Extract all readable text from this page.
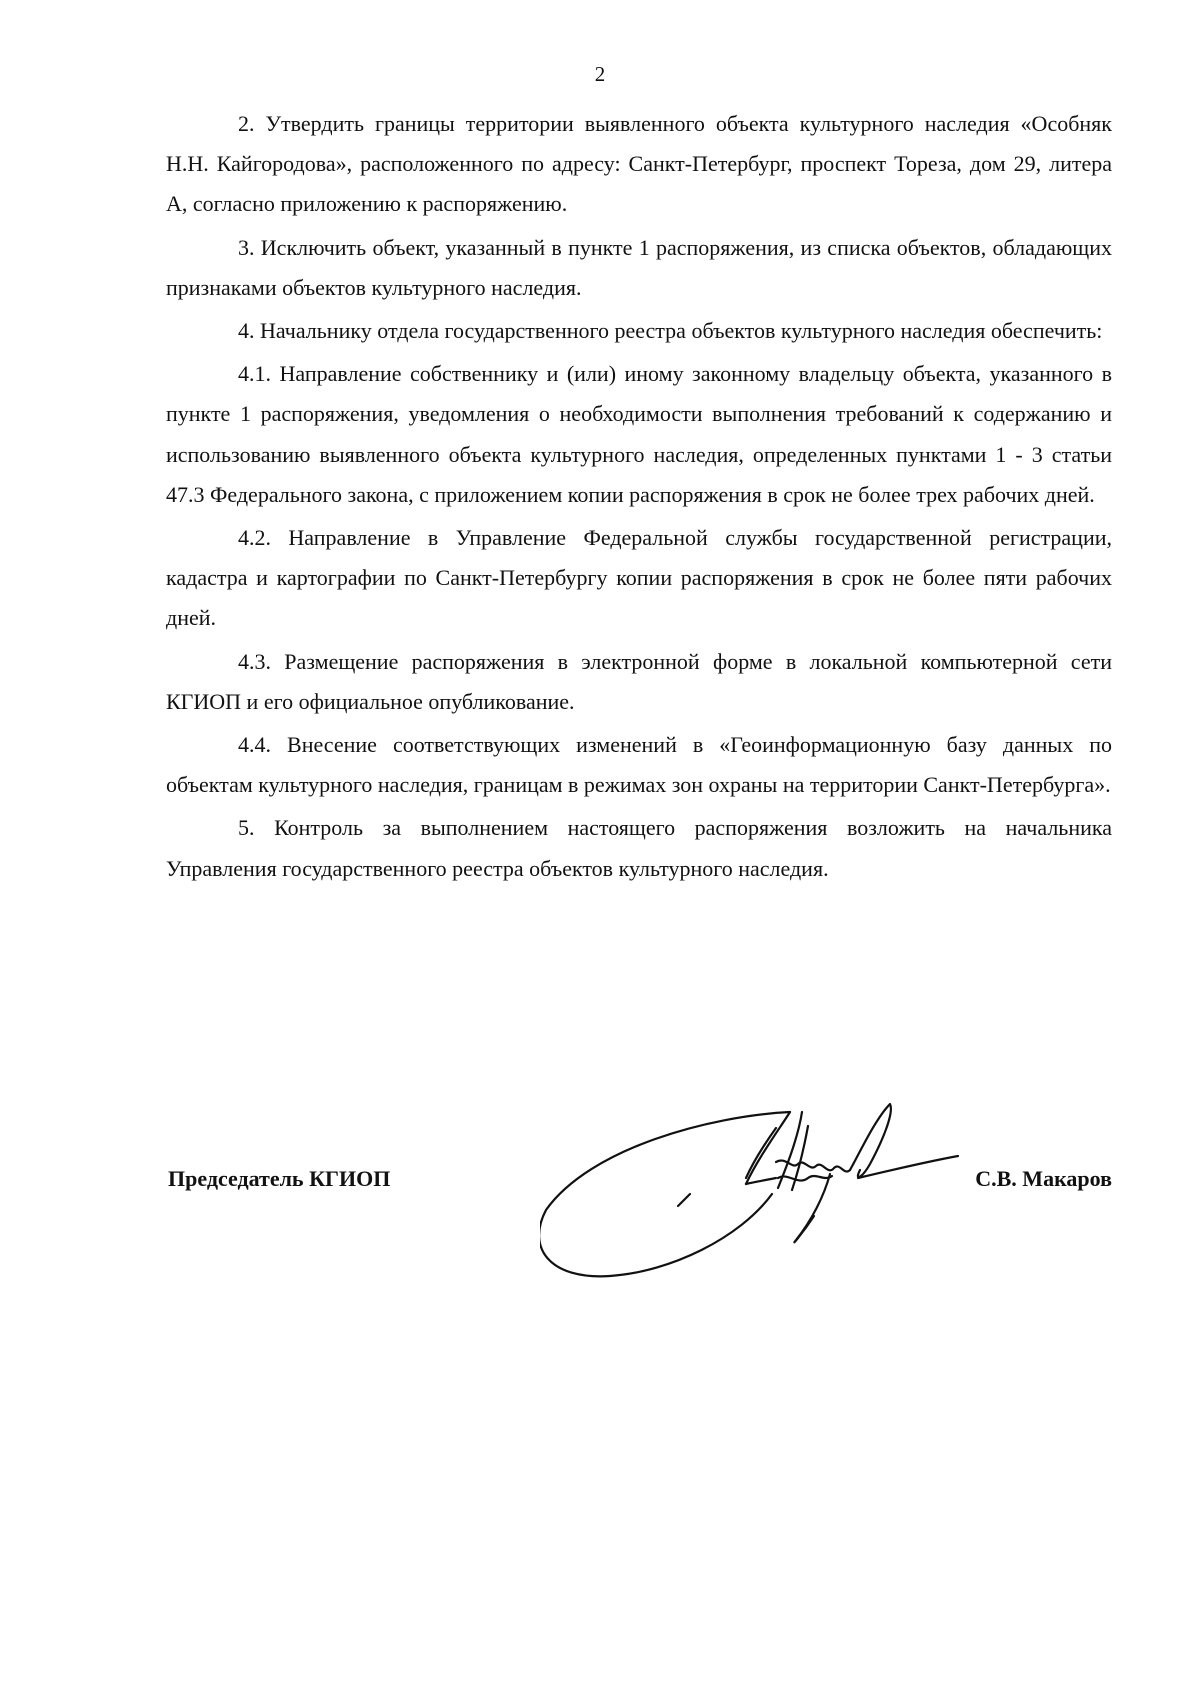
2

2. Утвердить границы территории выявленного объекта культурного наследия «Особняк Н.Н. Кайгородова», расположенного по адресу: Санкт-Петербург, проспект Тореза, дом 29, литера А, согласно приложению к распоряжению.

3. Исключить объект, указанный в пункте 1 распоряжения, из списка объектов, обладающих признаками объектов культурного наследия.

4. Начальнику отдела государственного реестра объектов культурного наследия обеспечить:

4.1. Направление собственнику и (или) иному законному владельцу объекта, указанного в пункте 1 распоряжения, уведомления о необходимости выполнения требований к содержанию и использованию выявленного объекта культурного наследия, определенных пунктами 1 - 3 статьи 47.3 Федерального закона, с приложением копии распоряжения в срок не более трех рабочих дней.

4.2. Направление в Управление Федеральной службы государственной регистрации, кадастра и картографии по Санкт-Петербургу копии распоряжения в срок не более пяти рабочих дней.

4.3. Размещение распоряжения в электронной форме в локальной компьютерной сети КГИОП и его официальное опубликование.

4.4. Внесение соответствующих изменений в «Геоинформационную базу данных по объектам культурного наследия, границам в режимах зон охраны на территории Санкт-Петербурга».

5. Контроль за выполнением настоящего распоряжения возложить на начальника Управления государственного реестра объектов культурного наследия.

Председатель КГИОП	С.В. Макаров
